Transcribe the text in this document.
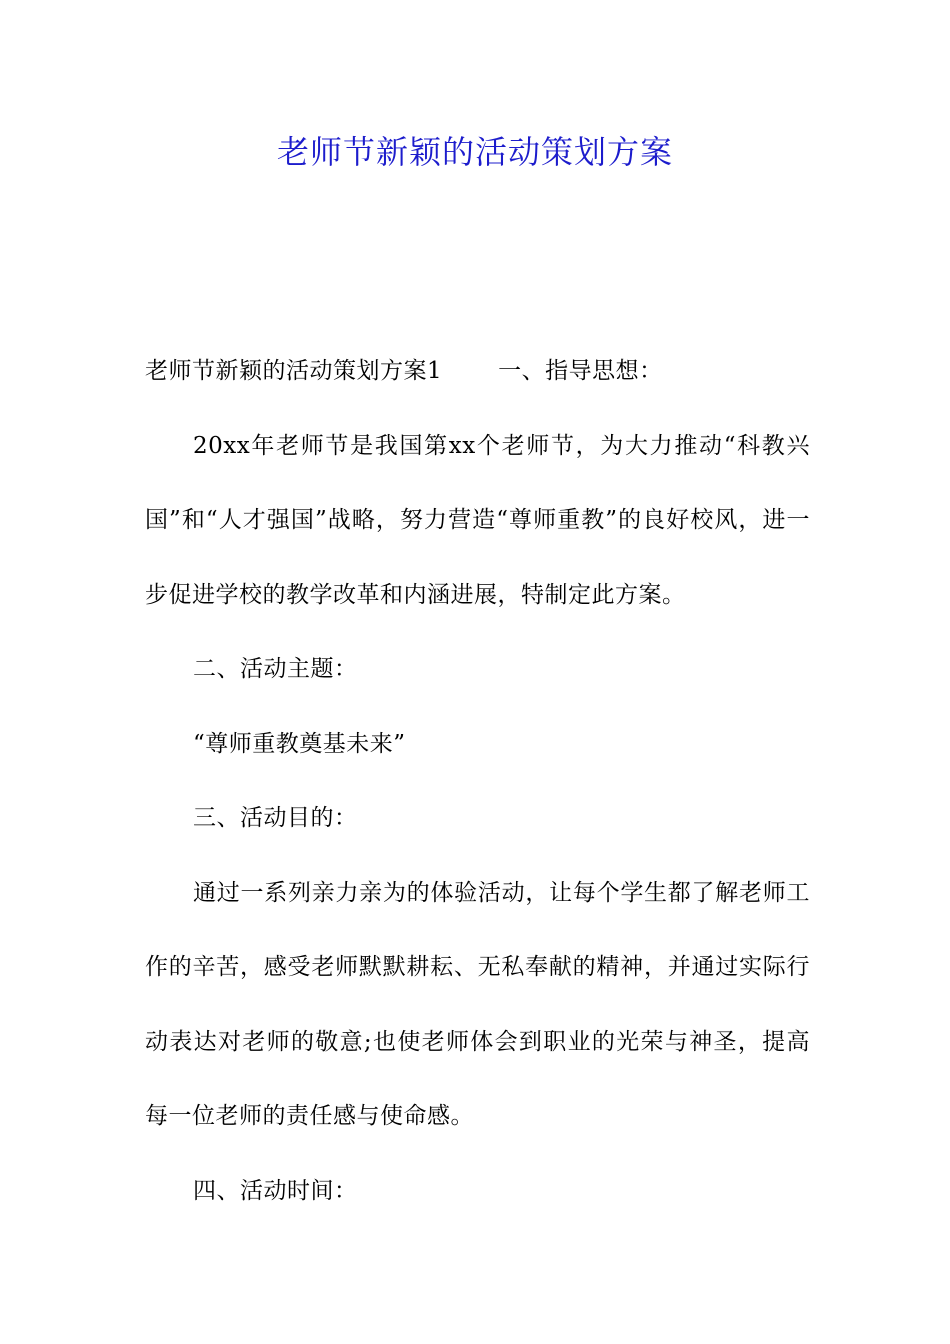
老师节新颖的活动策划方案

老师节新颖的活动策划方案1 一、指导思想：

20xx年老师节是我国第xx个老师节，为大力推动“科教兴国”和“人才强国”战略，努力营造“尊师重教”的良好校风，进一步促进学校的教学改革和内涵进展，特制定此方案。

二、活动主题：

“尊师重教奠基未来”

三、活动目的：

通过一系列亲力亲为的体验活动，让每个学生都了解老师工作的辛苦，感受老师默默耕耘、无私奉献的精神，并通过实际行动表达对老师的敬意;也使老师体会到职业的光荣与神圣，提高每一位老师的责任感与使命感。

四、活动时间：
